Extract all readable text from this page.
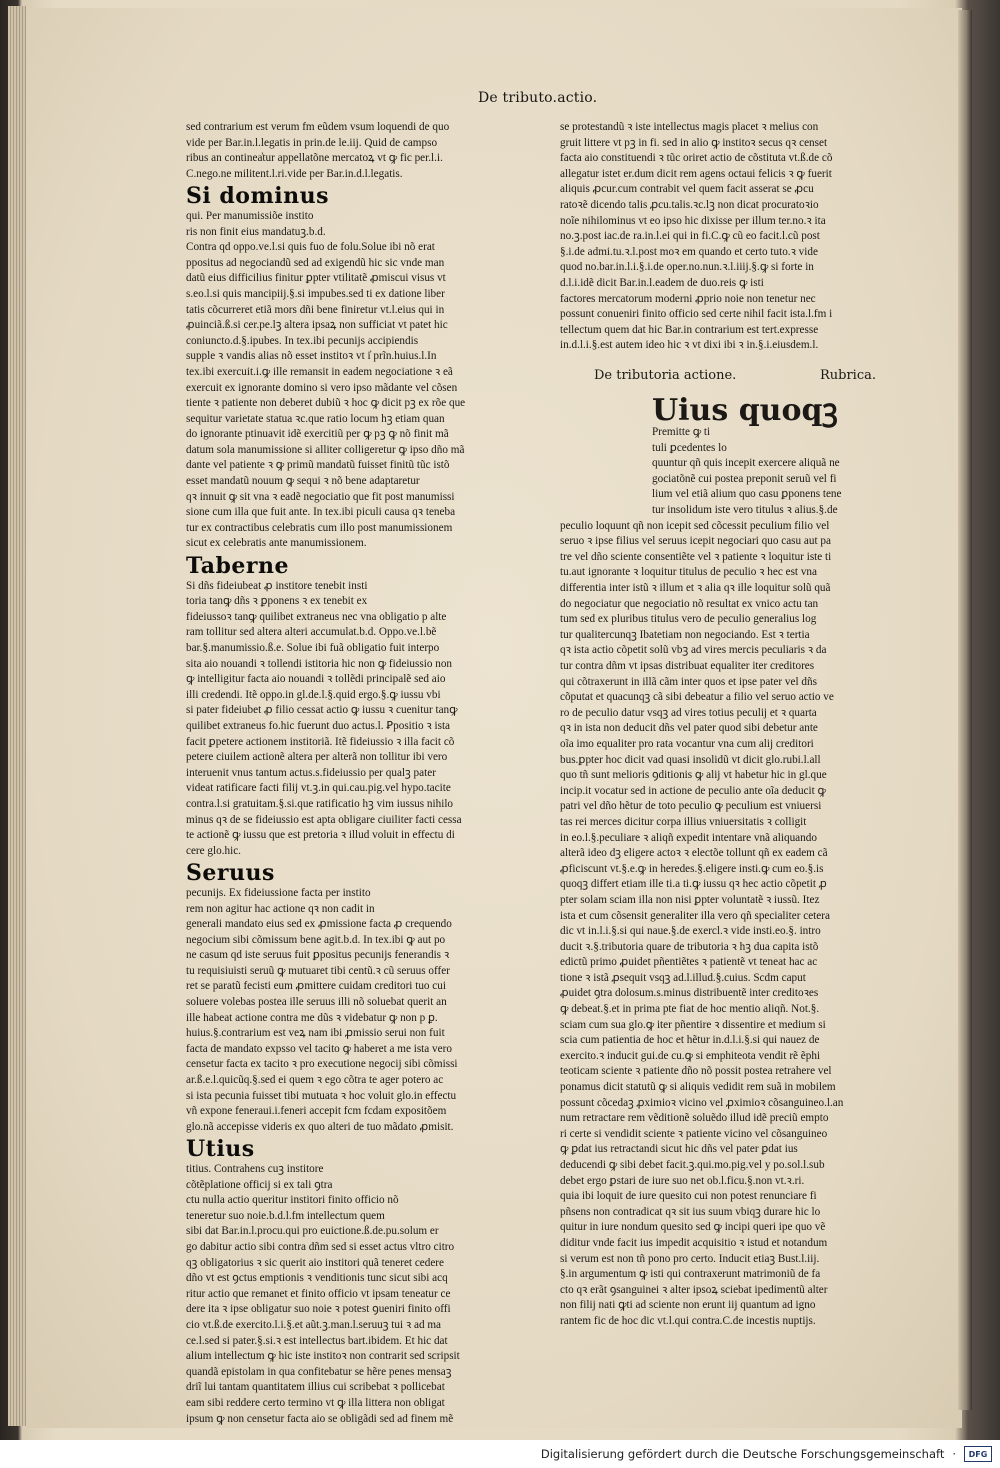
De tributo.actio.
sed contrarium est verum fm eũdem vsum loquendi de quo
vide per Bar.in.l.legatis in prin.de le.iij. Quid de campso
ribus an continea̓tur appellatõne mercatoꝝ vt ꝙ fic per.l.i.
C.nego.ne militent.l.ri.vide per Bar.in.d.l.legatis.
Si dominus
qui. Per manumissiõe instito
ris non finit eius mandatuꝫ.b.d.
Contra qd oppo.ve.l.si quis fuo de folu.Solue ibi nõ erat
ppositus ad negociandũ sed ad exigendũ hic sic vnde man
datũ eius difficilius finitur ꝑpter vtilitatẽ ꝓmiscui visus vt
s.eo.l.si quis mancipiij.§.si impubes.sed ti ex datione liber
tatis cõcurreret etiã mors dñi bene finiretur vt.l.eius qui in
ꝓuinciã.ß.si cer.pe.lꝫ altera ipsaꝝ non sufficiat vt patet hic
coniuncto.d.§.ipubes. In tex.ibi pecunijs accipiendis
supple ꝛ vandis alias nõ esset institoꝛ vt i̓ prĩn.huius.l.In
tex.ibi exercuit.i.ꝙ ille remansit in eadem negociatione ꝛ eã
exercuit ex ignorante domino si vero ipso mãdante vel cõsen
tiente ꝛ patiente non deberet dubiũ ꝛ hoc ꝙ dicit pꝫ ex rõe que
sequitur varietate statua ꝛc.que ratio locum hꝫ etiam quan
do ignorante ptinuavit idẽ exercitiũ per ꝙ pꝫ ꝙ nõ finit mã
datum sola manumissione si alliter colligeretur ꝙ ipso dño mã
dante vel patiente ꝛ ꝙ primũ mandatũ fuisset finitũ tũc istõ
esset mandatũ nouum ꝙ sequi ꝛ nõ bene adaptaretur
qꝛ innuit ꝙ sit vna ꝛ eadẽ negociatio que fit post manumissi
sione cum illa que fuit ante. In tex.ibi piculi causa qꝛ teneba
tur ex contractibus celebratis cum illo post manumissionem
sicut ex celebratis ante manumissionem.
Taberne
Si dñs fideiubeat ꝓ institore tenebit insti
toria tanꝙ dñs ꝛ ꝑponens ꝛ ex tenebit ex
fideiussoꝛ tanꝙ quilibet extraneus nec vna obligatio p alte
ram tollitur sed altera alteri accumulat.b.d. Oppo.ve.l.bẽ
bar.§.manumissio.ß.e. Solue ibi fuã obligatio fuit interpo
sita aio nouandi ꝛ tollendi istitoria hic non ꝙ fideiussio non
ꝙ intelligitur facta aio nouandi ꝛ tollẽdi principalẽ sed aio
illi credendi. Itẽ oppo.in gl.de.l.§.quid ergo.§.ꝙ iussu vbi
si pater fideiubet ꝓ filio cessat actio ꝙ iussu ꝛ cuenitur tanꝙ
quilibet extraneus fo.hic fuerunt duo actus.l. Ꝑpositio ꝛ ista
facit ꝑpetere actionem institoriã. Itẽ fideiussio ꝛ illa facit cõ
petere ciuilem actionẽ altera per alterã non tollitur ibi vero
interuenit vnus tantum actus.s.fideiussio per qualꝫ pater
videat ratificare facti filij vt.ꝫ.in qui.cau.pig.vel hypo.tacite
contra.l.si gratuitam.§.si.que ratificatio hꝫ vim iussus nihilo
minus qꝛ de se fideiussio est apta obligare ciuiliter facti cessa
te actionẽ ꝙ iussu que est pretoria ꝛ illud voluit in effectu di
cere glo.hic.
Seruus
pecunijs. Ex fideiussione facta per instito
rem non agitur hac actione qꝛ non cadit in
generali mandato eius sed ex ꝓmissione facta ꝓ crequendo
negocium sibi cõmissum bene agit.b.d. In tex.ibi ꝙ aut po
ne casum qd iste seruus fuit ꝑpositus pecunijs fenerandis ꝛ
tu requisiuisti seruũ ꝙ mutuaret tibi centũ.ꝛ cũ seruus offer
ret se paratũ fecisti eum ꝓmittere cuidam creditori tuo cui
soluere volebas postea ille seruus illi nõ soluebat querit an
ille habeat actione contra me dũs ꝛ videbatur ꝙ non p ꝑ.
huius.§.contrarium est veꝝ nam ibi ꝓmissio serui non fuit
facta de mandato expsso vel tacito ꝙ haberet a me ista vero
censetur facta ex tacito ꝛ pro executione negocij sibi cõmissi
ar.ß.e.l.quicũq.§.sed ei quem ꝛ ego cõtra te ager potero ac
si ista pecunia fuisset tibi mutuata ꝛ hoc voluit glo.in effectu
vñ expone feneraui.i.feneri accepit fcm fcdam expositõem
glo.nã accepisse videris ex quo alteri de tuo mãdato ꝓmisit.
Utius
titius. Contrahens cuꝫ institore
cõtẽplatione officij si ex tali ꝯtra
ctu nulla actio queritur institori finito officio nõ
teneretur suo noie.b.d.l.fm intellectum quem
sibi dat Bar.in.l.procu.qui pro euictione.ß.de.pu.solum er
go dabitur actio sibi contra dñm sed si esset actus vltro citro
qꝫ obligatorius ꝛ sic querit aio institori quã teneret cedere
dño vt est ꝯctus emptionis ꝛ venditionis tunc sicut sibi acq
ritur actio que remanet et finito officio vt ipsam teneatur ce
dere ita ꝛ ipse obligatur suo noie ꝛ potest ꝯueniri finito offi
cio vt.ß.de exercito.l.i.§.et aũt.ꝫ.man.l.seruuꝫ tui ꝛ ad ma
ce.l.sed si pater.§.si.ꝛ est intellectus bart.ibidem. Et hic dat
alium intellectum ꝙ hic iste institoꝛ non contrarit sed scripsit
quandã epistolam in qua confitebatur se hẽre penes mensaꝫ
driĩ lui tantam quantitatem illius cui scribebat ꝛ pollicebat
eam sibi reddere certo termino vt ꝙ illa littera non obligat
ipsum ꝙ non censetur facta aio se obligãdi sed ad finem mẽ
se protestandũ ꝛ iste intellectus magis placet ꝛ melius con
gruit littere vt pꝫ in fi. sed in alio ꝙ institoꝛ secus qꝛ censet
facta aio constituendi ꝛ tũc oriret actio de cõstituta vt.ß.de cõ
allegatur istet er.dum dicit rem agens octaui felicis ꝛ ꝙ fuerit
aliquis ꝓcur.cum contrabit vel quem facit asserat se ꝓcu
ratoꝛẽ dicendo talis ꝓcu.talis.ꝛc.lꝫ non dicat procuratoꝛio
noĩe nihilominus vt eo ipso hic dixisse per illum ter.no.ꝛ ita
no.ꝫ.post iac.de ra.in.l.ei qui in fi.C.ꝙ cũ eo facit.l.cũ post
§.i.de admi.tu.ꝛ.l.post moꝛ em quando et certo tuto.ꝛ vide
quod no.bar.in.l.i.§.i.de oper.no.nun.ꝛ.l.iiij.§.ꝙ si forte in
d.l.i.idẽ dicit Bar.in.l.eadem de duo.reis ꝙ isti
factores mercatorum moderni ꝓprio noie non tenetur nec
possunt conueniri finito officio sed certe nihil facit ista.l.fm i
tellectum quem dat hic Bar.in contrarium est tert.expresse
in.d.l.i.§.est autem ideo hic ꝛ vt dixi ibi ꝛ in.§.i.eiusdem.l.
De tributoria actione.	Rubrica.
Uius quoqꝫ
Premitte ꝙ ti
tuli ꝑcedentes lo
quuntur qñ quis incepit exercere aliquã ne
gociatõnẽ cui postea preponit seruũ vel fi
lium vel etiã alium quo casu ꝑponens tene
tur insolidum iste vero titulus ꝛ alius.§.de
peculio loquunt qñ non icepit sed cõcessit peculium filio vel
seruo ꝛ ipse filius vel seruus icepit negociari quo casu aut pa
tre vel dño sciente consentiẽte vel ꝛ patiente ꝛ loquitur iste ti
tu.aut ignorante ꝛ loquitur titulus de peculio ꝛ hec est vna
differentia inter istũ ꝛ illum et ꝛ alia qꝛ ille loquitur solũ quã
do negociatur que negociatio nõ resultat ex vnico actu tan
tum sed ex pluribus titulus vero de peculio generalius log
tur qualitercunqꝫ Ibatetiam non negociando. Est ꝛ tertia
qꝛ ista actio cõpetit solũ vbꝫ ad vires mercis peculiaris ꝛ da
tur contra dñm vt ipsas distribuat equaliter iter creditores
qui cõtraxerunt in illã cãm inter quos et ipse pater vel dñs
cõputat et quacunqꝫ cã sibi debeatur a filio vel seruo actio ve
ro de peculio datur vsqꝫ ad vires totius peculij et ꝛ quarta
qꝛ in ista non deducit dñs vel pater quod sibi debetur ante
oĩa imo equaliter pro rata vocantur vna cum alij creditori
bus.ꝑpter hoc dicit vad quasi insolidũ vt dicit glo.rubi.l.all
quo tñ sunt melioris ꝯditionis ꝙ alij vt habetur hic in gl.que
incip.it vocatur sed in actione de peculio ante oĩa deducit ꝙ
patri vel dño hẽtur de toto peculio ꝙ peculium est vniuersi
tas rei merces dicitur corpa illius vniuersitatis ꝛ colligit
in eo.l.§.peculiare ꝛ aliqñ expedit intentare vnã aliquando
alterã ideo dꝫ eligere actoꝛ ꝛ electõe tollunt qñ ex eadem cã
ꝓficiscunt vt.§.e.ꝙ in heredes.§.eligere insti.ꝙ cum eo.§.is
quoqꝫ differt etiam ille ti.a ti.ꝙ iussu qꝛ hec actio cõpetit ꝓ
pter solam sciam illa non nisi ꝑpter voluntatẽ ꝛ iussũ. Itez
ista et cum cõsensit generaliter illa vero qñ specialiter cetera
dic vt in.l.i.§.si qui naue.§.de exercl.ꝛ vide insti.eo.§. intro
ducit ꝛ.§.tributoria quare de tributoria ꝛ hꝫ dua capita istõ
edictũ primo ꝓuidet pñentiẽtes ꝛ patientẽ vt teneat hac ac
tione ꝛ istã ꝓsequit vsqꝫ ad.l.illud.§.cuius. Scdm caput
ꝓuidet ꝯtra dolosum.s.minus distribuentẽ inter creditoꝛes
ꝙ debeat.§.et in prima pte fiat de hoc mentio aliqñ. Not.§.
sciam cum sua glo.ꝙ iter pñentire ꝛ dissentire et medium si
scia cum patientia de hoc et hẽtur in.d.l.i.§.si qui nauez de
exercito.ꝛ inducit gui.de cu.ꝙ si emphiteota vendit rẽ ẽphi
teoticam sciente ꝛ patiente dño nõ possit postea retrahere vel
ponamus dicit statutũ ꝙ si aliquis vedidit rem suã in mobilem
possunt cõcedaꝫ ꝓximioꝛ vicino vel ꝓximioꝛ cõsanguineo.l.an
num retractare rem vẽditionẽ soluẽdo illud idẽ preciũ empto
ri certe si vendidit sciente ꝛ patiente vicino vel cõsanguineo
ꝙ ꝑdat ius retractandi sicut hic dñs vel pater ꝑdat ius
deducendi ꝙ sibi debet facit.ꝫ.qui.mo.pig.vel y po.sol.l.sub
debet ergo ꝑstari de iure suo net ob.l.ficu.§.non vt.ꝛ.ri.
quia ibi loquit de iure quesito cui non potest renunciare fi
pñsens non contradicat qꝛ sit ius suum vbiqꝫ durare hic lo
quitur in iure nondum quesito sed ꝙ incipi queri ipe quo vẽ
diditur vnde facit ius impedit acquisitio ꝛ istud et notandum
si verum est non tñ pono pro certo. Inducit etiaꝫ Bust.l.iij.
§.in argumentum ꝙ isti qui contraxerunt matrimoniũ de fa
cto qꝛ erãt ꝯsanguinei ꝛ alter ipsoꝝ sciebat ipedimentũ alter
non filij nati ꝙti ad sciente non erunt iij quantum ad igno
rantem fic de hoc dic vt.l.qui contra.C.de incestis nuptijs.
Digitalisierung gefördert durch die Deutsche Forschungsgemeinschaft ·	DFG
